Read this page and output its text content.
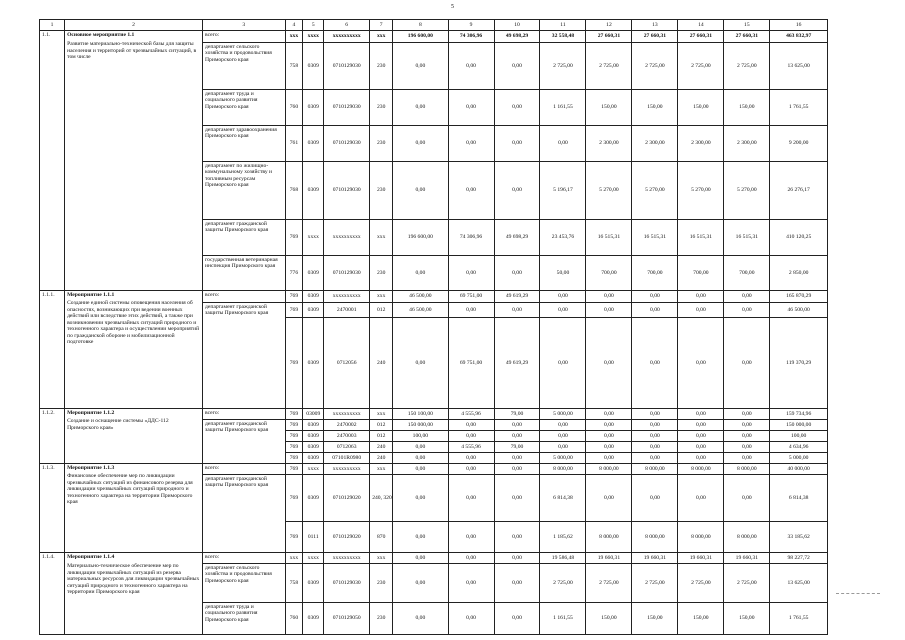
5
1	2	3	4	5	6	7	8	9	10	11	12	13	14	15	16
1.1.	Основное мероприятие 1.1
Развитие материально-технической базы для защиты населения и территорий от чрезвычайных ситуаций, в том числе	всего:	xxx	xxxx	xxxxxxxxxx	xxx	196 600,00	74 306,96	49 698,29	32 558,48	27 660,31	27 660,31	27 660,31	27 660,31	463 832,97
		департамент сельского хозяйства и продовольствия Приморского края	758	0309	0710129030	230	0,00	0,00	0,00	2 725,00	2 725,00	2 725,00	2 725,00	2 725,00	13 625,00
		департамент труда и социального развития Приморского края	760	0309	0710129030	230	0,00	0,00	0,00	1 161,55	150,00	150,00	150,00	150,00	1 761,55
		департамент здравоохранения Приморского края	761	0309	0710129030	230	0,00	0,00	0,00	0,00	2 300,00	2 300,00	2 300,00	2 300,00	9 200,00
		департамент по жилищно-коммунальному хозяйству и топливным ресурсам Приморского края	768	0309	0710129030	230	0,00	0,00	0,00	5 196,17	5 270,00	5 270,00	5 270,00	5 270,00	26 276,17
		департамент гражданской защиты Приморского края	769	xxxx	xxxxxxxxxx	xxx	196 600,00	74 306,96	49 698,29	23 453,76	16 515,31	16 515,31	16 515,31	16 515,31	410 120,25
		государственная ветеринарная инспекция Приморского края	776	0309	0710129030	230	0,00	0,00	0,00	50,00	700,00	700,00	700,00	700,00	2 850,00
1.1.1.	Мероприятие 1.1.1
Создание единой системы оповещения населения об опасностях, возникающих при ведении военных действий или вследствие этих действий, а также при возникновении чрезвычайных ситуаций природного и техногенного характера и осуществлении мероприятий по гражданской обороне и мобилизационной подготовке	всего:	769	0309	xxxxxxxxxx	xxx	46 500,00	69 751,00	49 619,29	0,00	0,00	0,00	0,00	0,00	165 870,29
		департамент гражданской защиты Приморского края	769	0309	2470001	012	46 500,00	0,00	0,00	0,00	0,00	0,00	0,00	0,00	46 500,00
			769	0309	0712056	240	0,00	69 751,00	49 619,29	0,00	0,00	0,00	0,00	0,00	119 370,29
1.1.2.	Мероприятие 1.1.2
Создание и оснащение системы «ДДС-112 Приморского края»	всего:	769	03009	xxxxxxxxxx	xxx	150 100,00	4 555,96	79,00	5 000,00	0,00	0,00	0,00	0,00	159 734,96
		департамент гражданской защиты Приморского края	769	0309	2470002	012	150 000,00	0,00	0,00	0,00	0,00	0,00	0,00	0,00	150 000,00
			769	0309	2470003	012	100,00	0,00	0,00	0,00	0,00	0,00	0,00	0,00	100,00
			769	0309	0712063	240	0,00	4 555,96	79,00	0,00	0,00	0,00	0,00	0,00	4 634,96
			769	0309	07101R0980	240	0,00	0,00	0,00	5 000,00	0,00	0,00	0,00	0,00	5 000,00
1.1.3.	Мероприятие 1.1.3
Финансовое обеспечение мер по ликвидации чрезвычайных ситуаций из финансового резерва для ликвидации чрезвычайных ситуаций природного и техногенного характера на территории Приморского края	всего:	769	xxxx	xxxxxxxxxx	xxx	0,00	0,00	0,00	8 000,00	8 000,00	8 000,00	8 000,00	8 000,00	40 000,00
		департамент гражданской защиты Приморского края	769	0309	0710129020	240, 320	0,00	0,00	0,00	6 814,38	0,00	0,00	0,00	0,00	6 814,38
			769	0111	0710129020	870	0,00	0,00	0,00	1 185,62	8 000,00	8 000,00	8 000,00	8 000,00	33 185,62
1.1.4.	Мероприятие 1.1.4
Материально-техническое обеспечение мер по ликвидации чрезвычайных ситуаций из резерва материальных ресурсов для ликвидации чрезвычайных ситуаций природного и техногенного характера на территории Приморского края	всего:	xxx	xxxx	xxxxxxxxxx	xxx	0,00	0,00	0,00	19 586,48	19 660,31	19 660,31	19 660,31	19 660,31	98 227,72
		департамент сельского хозяйства и продовольствия Приморского края	758	0309	0710129030	230	0,00	0,00	0,00	2 725,00	2 725,00	2 725,00	2 725,00	2 725,00	13 625,00
		департамент труда и социального развития Приморского края	760	0309	0710129050	230	0,00	0,00	0,00	1 161,55	150,00	150,00	150,00	150,00	1 761,55
